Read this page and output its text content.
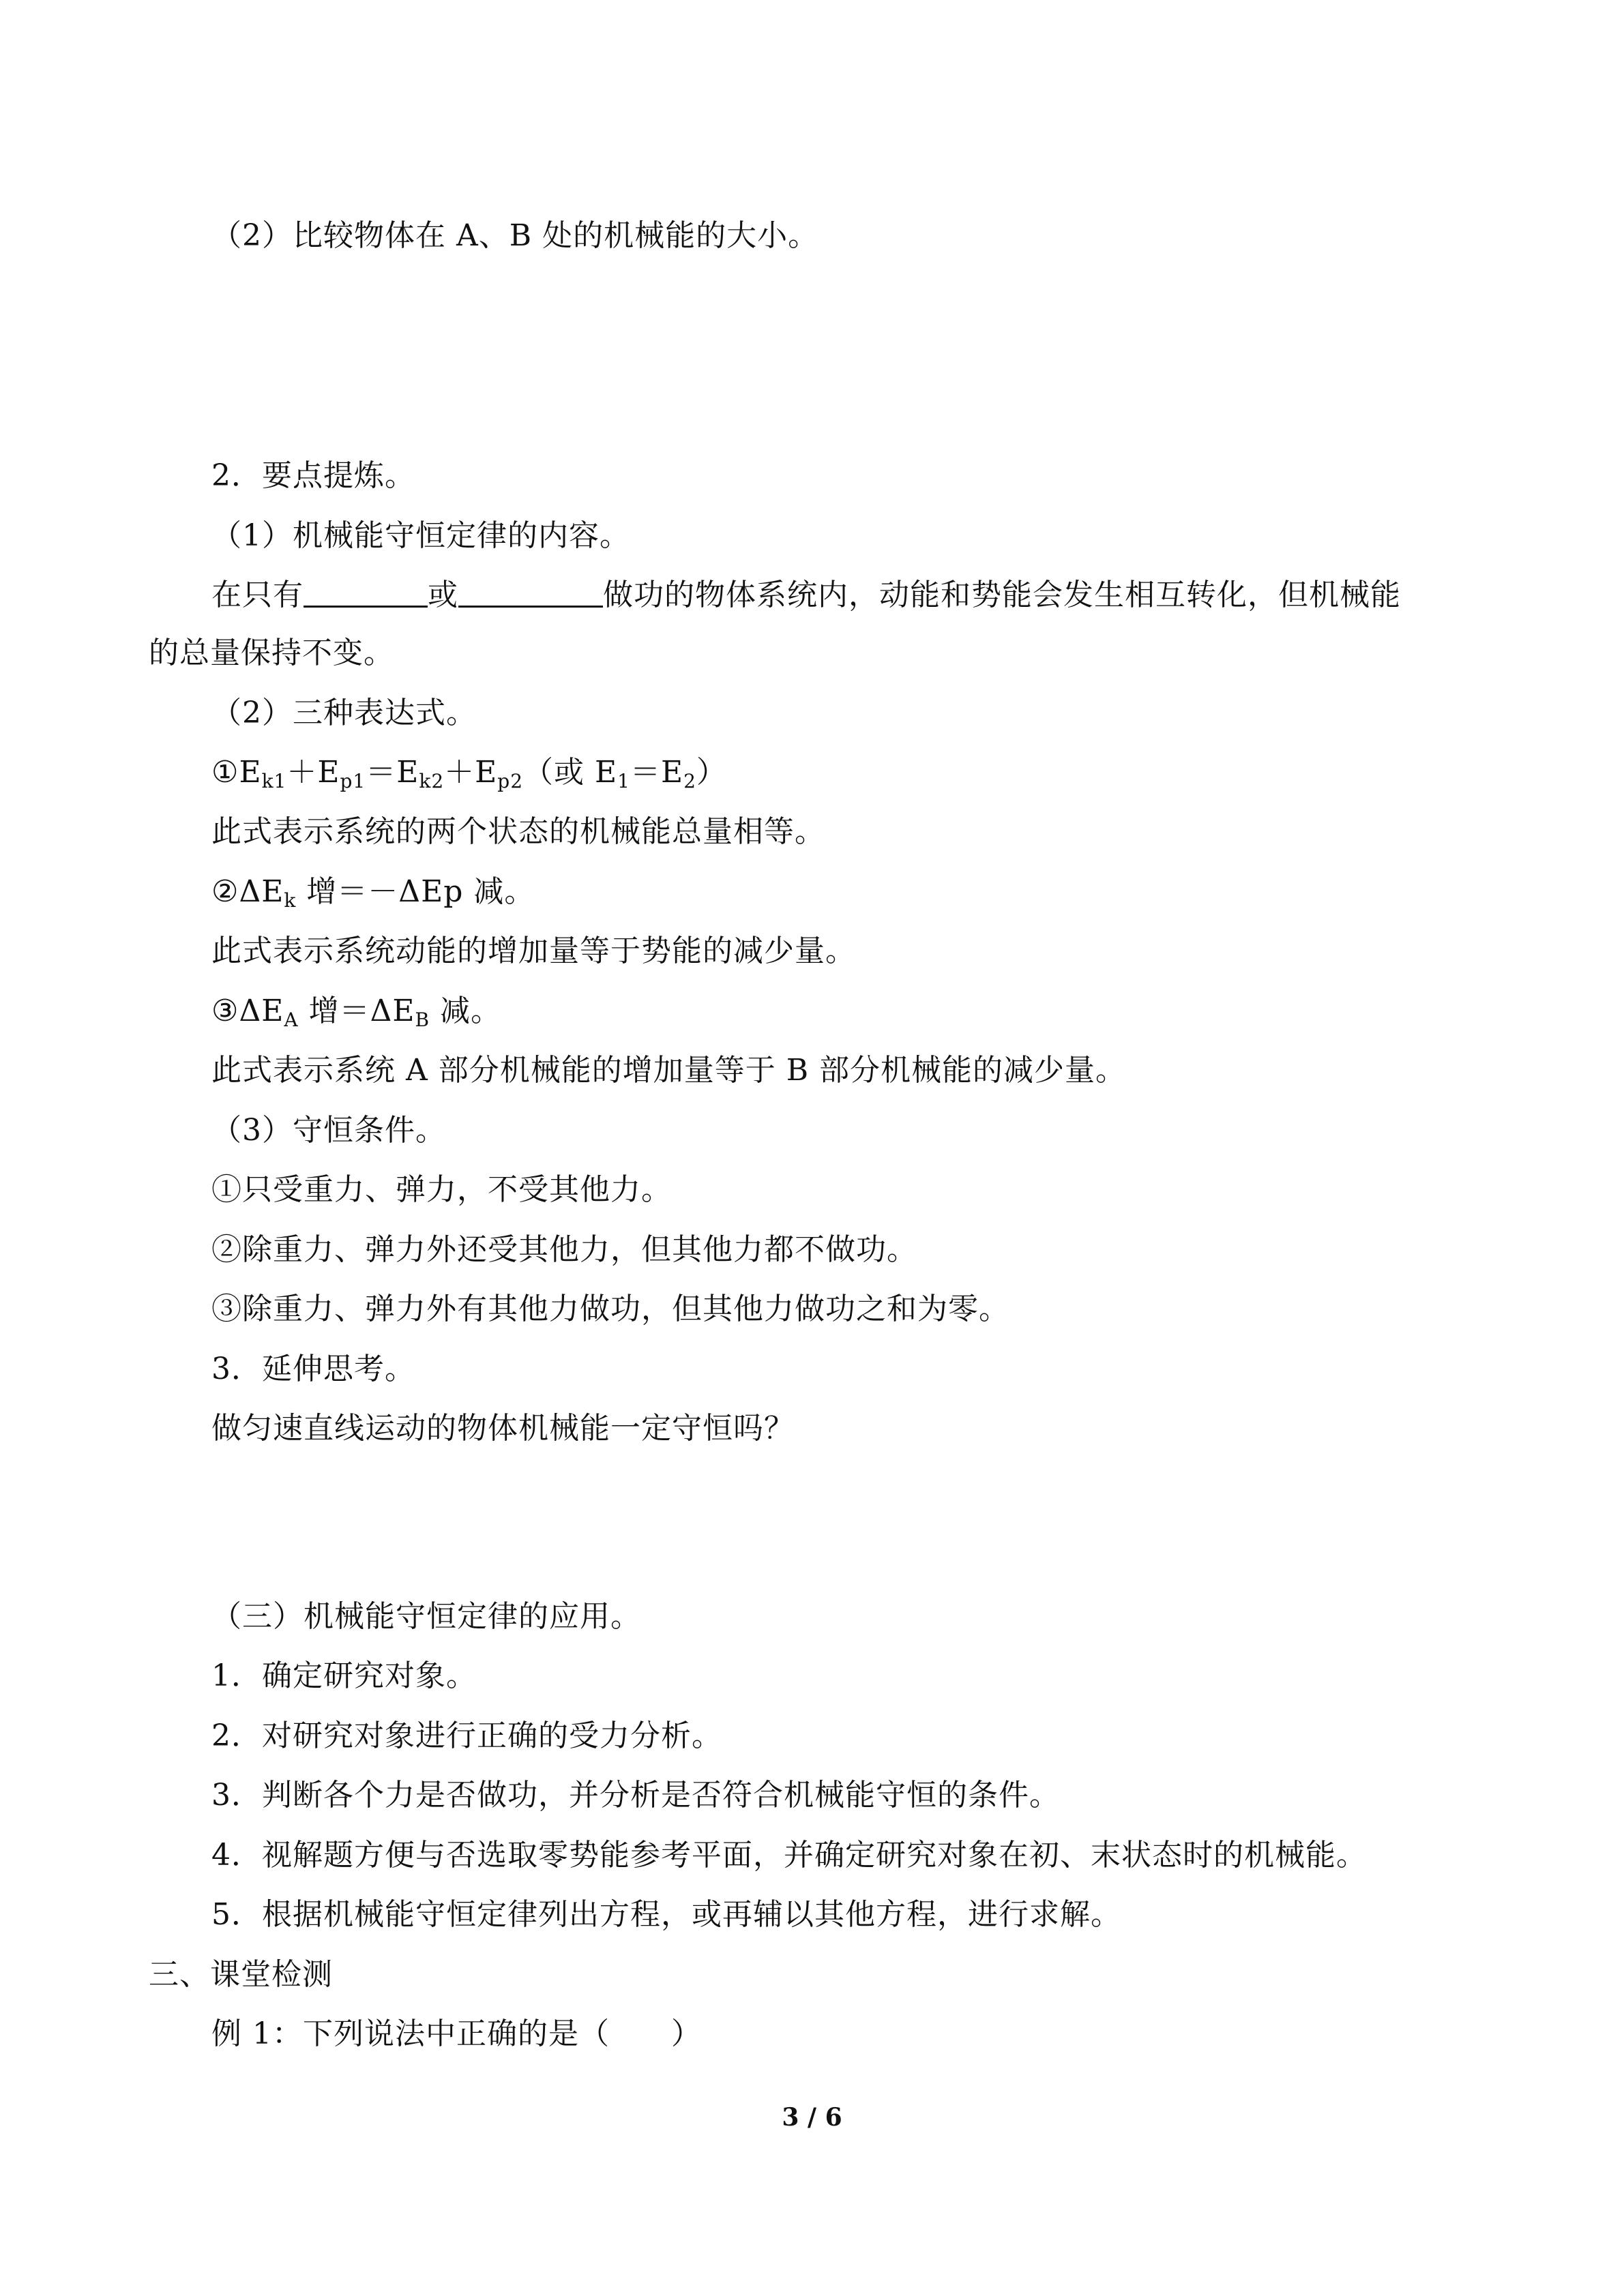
（2）比较物体在 A、B 处的机械能的大小。
2．要点提炼。
（1）机械能守恒定律的内容。
在只有	或	做功的物体系统内，动能和势能会发生相互转化，但机械能
的总量保持不变。
（2）三种表达式。
$①E_{k1}+E_{p1}=E_{k2}+E_{p2}$（或 $E_1=E_2$）
此式表示系统的两个状态的机械能总量相等。
$②\Delta E_k$ 增＝－ΔEp 减。
此式表示系统动能的增加量等于势能的减少量。
$③\Delta E_A$ 增$=\Delta E_B$ 减。
此式表示系统 A 部分机械能的增加量等于 B 部分机械能的减少量。
（3）守恒条件。
①只受重力、弹力，不受其他力。
②除重力、弹力外还受其他力，但其他力都不做功。
③除重力、弹力外有其他力做功，但其他力做功之和为零。
3．延伸思考。
做匀速直线运动的物体机械能一定守恒吗？
（三）机械能守恒定律的应用。
1．确定研究对象。
2．对研究对象进行正确的受力分析。
3．判断各个力是否做功，并分析是否符合机械能守恒的条件。
4．视解题方便与否选取零势能参考平面，并确定研究对象在初、末状态时的机械能。
5．根据机械能守恒定律列出方程，或再辅以其他方程，进行求解。
三、课堂检测
例 1：下列说法中正确的是（　　）
3 / 6
